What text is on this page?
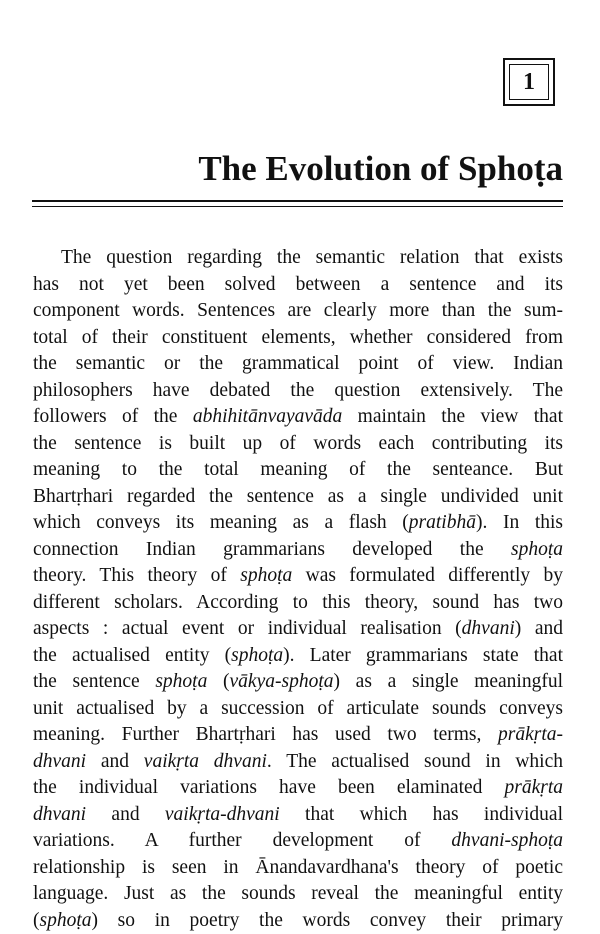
1
The Evolution of Sphoṭa
The question regarding the semantic relation that exists
has not yet been solved between a sentence and its
component words. Sentences are clearly more than the sum-
total of their constituent elements, whether considered from
the semantic or the grammatical point of view. Indian
philosophers have debated the question extensively. The
followers of the abhihitānvayavāda maintain the view that
the sentence is built up of words each contributing its
meaning to the total meaning of the senteance. But
Bhartṛhari regarded the sentence as a single undivided unit
which conveys its meaning as a flash (pratibhā). In this
connection Indian grammarians developed the sphoṭa
theory. This theory of sphoṭa was formulated differently by
different scholars. According to this theory, sound has two
aspects : actual event or individual realisation (dhvani) and
the actualised entity (sphoṭa). Later grammarians state that
the sentence sphoṭa (vākya-sphoṭa) as a single meaningful
unit actualised by a succession of articulate sounds conveys
meaning. Further Bhartṛhari has used two terms, prākṛta-
dhvani and vaikṛta dhvani. The actualised sound in which
the individual variations have been elaminated prākṛta
dhvani and vaikṛta-dhvani that which has individual
variations. A further development of dhvani-sphoṭa
relationship is seen in Ānandavardhana's theory of poetic
language. Just as the sounds reveal the meaningful entity
(sphoṭa) so in poetry the words convey their primary
